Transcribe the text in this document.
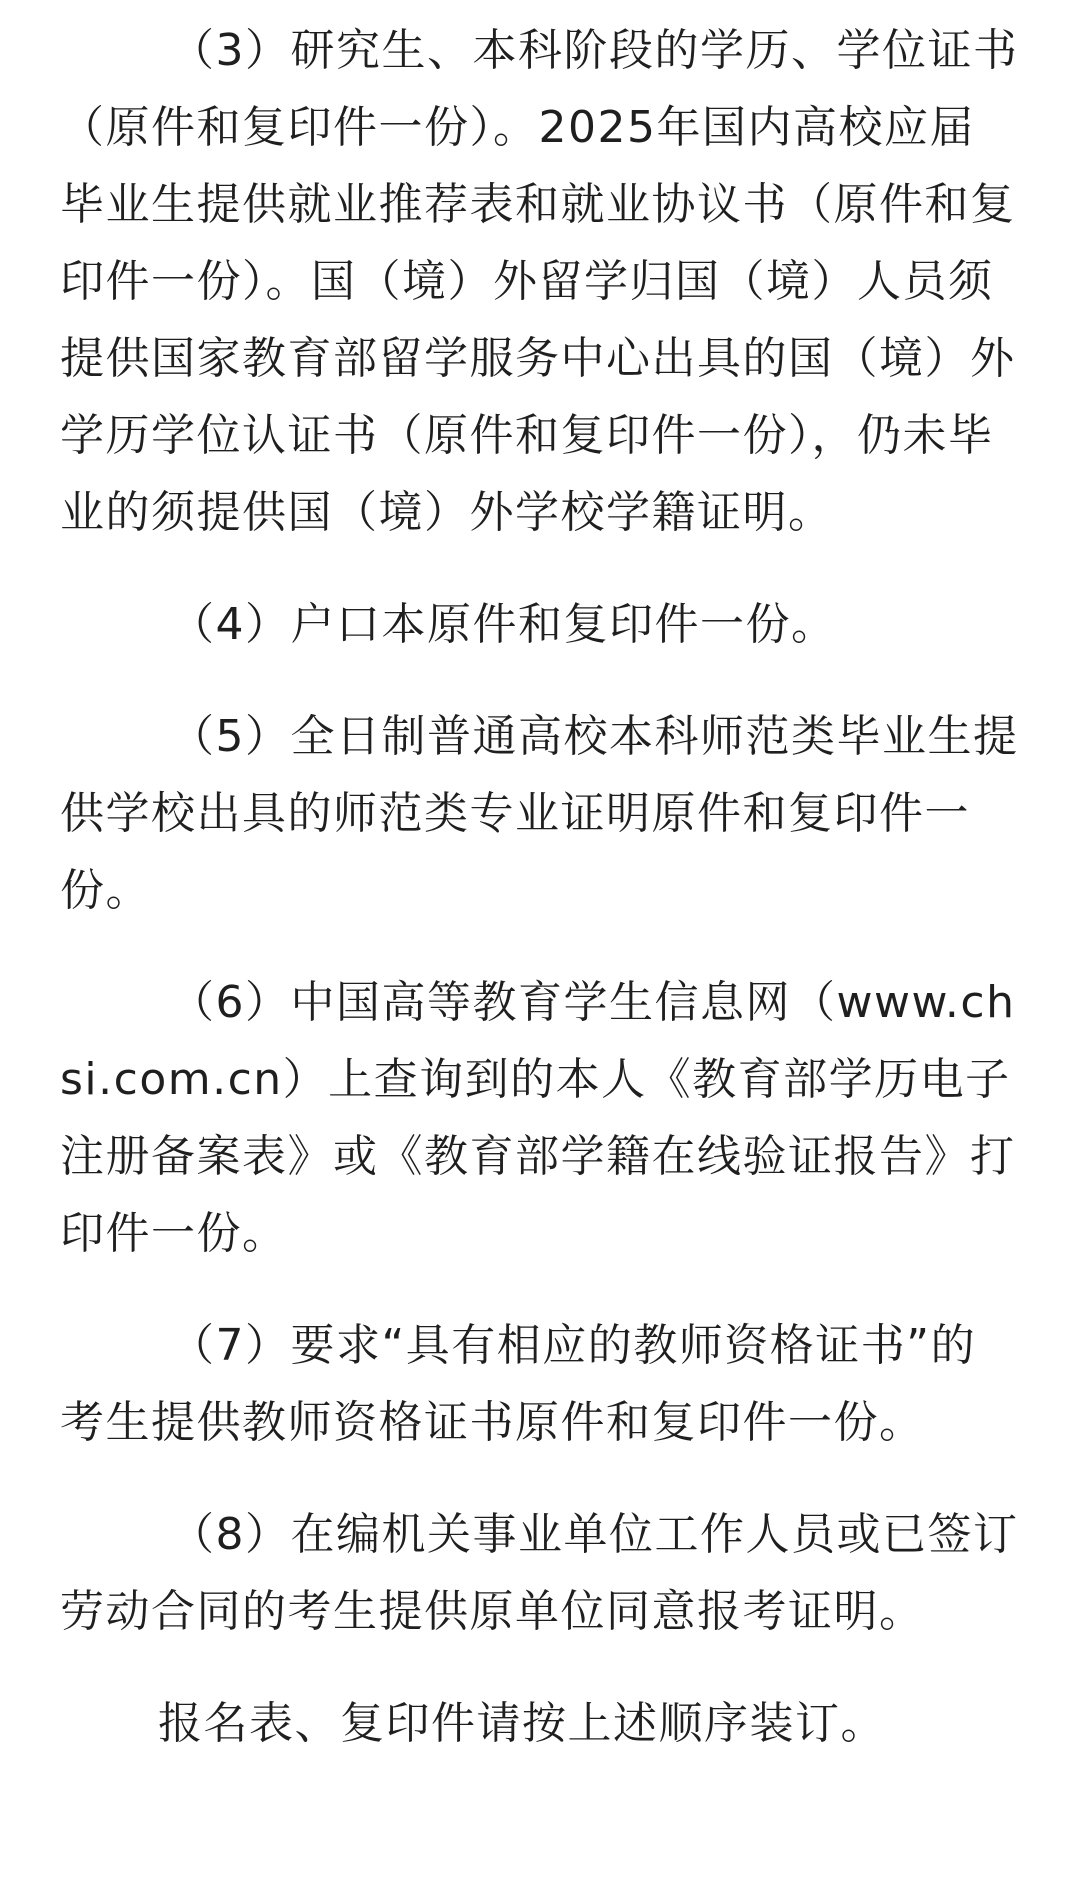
（3）研究生、本科阶段的学历、学位证书（原件和复印件一份）。2025年国内高校应届毕业生提供就业推荐表和就业协议书（原件和复印件一份）。国（境）外留学归国（境）人员须提供国家教育部留学服务中心出具的国（境）外学历学位认证书（原件和复印件一份），仍未毕业的须提供国（境）外学校学籍证明。

（4）户口本原件和复印件一份。

（5）全日制普通高校本科师范类毕业生提供学校出具的师范类专业证明原件和复印件一份。

（6）中国高等教育学生信息网（www.chsi.com.cn）上查询到的本人《教育部学历电子注册备案表》或《教育部学籍在线验证报告》打印件一份。

（7）要求“具有相应的教师资格证书”的考生提供教师资格证书原件和复印件一份。

（8）在编机关事业单位工作人员或已签订劳动合同的考生提供原单位同意报考证明。

报名表、复印件请按上述顺序装订。
